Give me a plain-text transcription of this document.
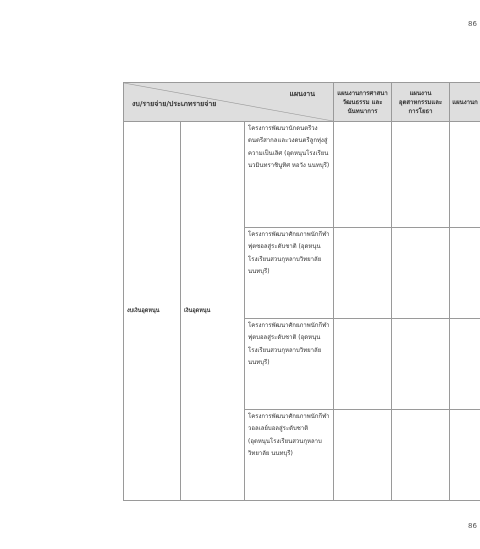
86
แผนงาน
งบ/รายจ่าย/ประเภทรายจ่าย			แผนงานการศาสนา วัฒนธรรม และนันทนาการ	แผนงาน อุตสาหกรรมและการโยธา	แผนงานก
งบเงินอุดหนุน	เงินอุดหนุน	โครงการพัฒนานักดนตรีวงดนตรีสากลและวงดนตรีลูกทุ่งสู่ความเป็นเลิศ (อุดหนุนโรงเรียนนวมินทราชินูทิศ หอวัง นนทบุรี)			
		โครงการพัฒนาศักยภาพนักกีฬาฟุตซอลสู่ระดับชาติ (อุดหนุนโรงเรียนสวนกุหลาบวิทยาลัย นนทบุรี)			
		โครงการพัฒนาศักยภาพนักกีฬาฟุตบอลสู่ระดับชาติ (อุดหนุนโรงเรียนสวนกุหลาบวิทยาลัย นนทบุรี)			
		โครงการพัฒนาศักยภาพนักกีฬาวอลเลย์บอลสู่ระดับชาติ (อุดหนุนโรงเรียนสวนกุหลาบวิทยาลัย นนทบุรี)			
86
